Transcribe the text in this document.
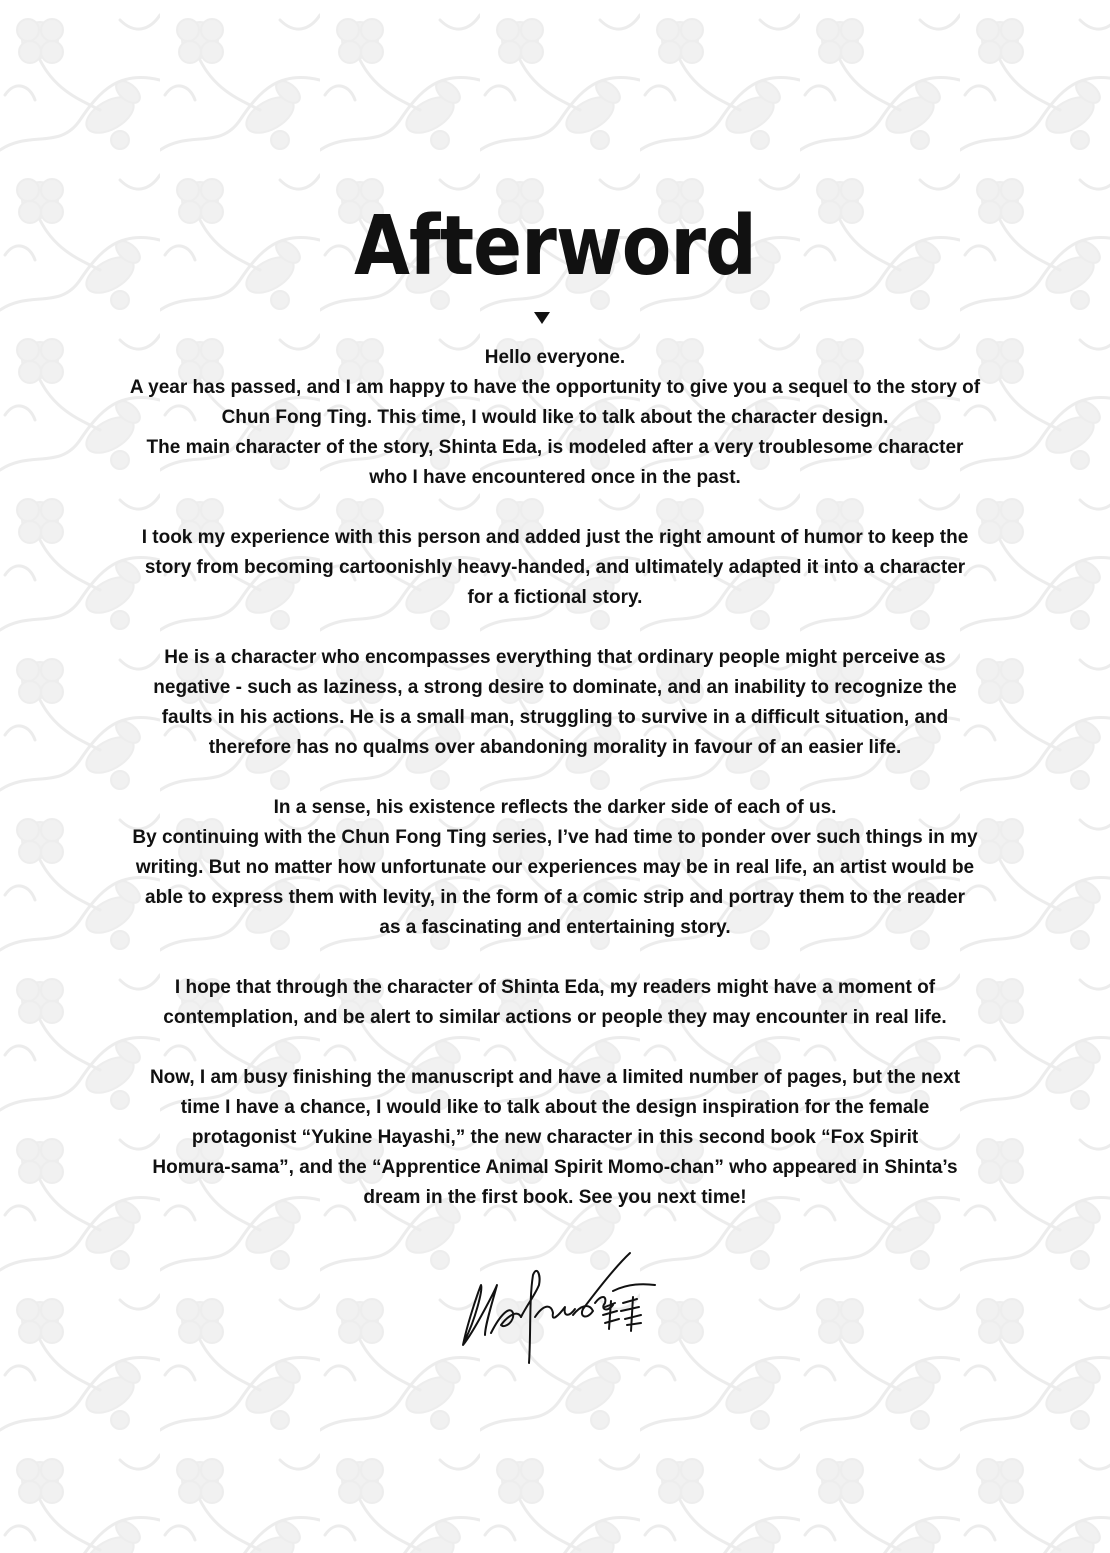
Afterword

Hello everyone.
A year has passed, and I am happy to have the opportunity to give you a sequel to the story of
Chun Fong Ting. This time, I would like to talk about the character design.
The main character of the story, Shinta Eda, is modeled after a very troublesome character
who I have encountered once in the past.

I took my experience with this person and added just the right amount of humor to keep the
story from becoming cartoonishly heavy-handed, and ultimately adapted it into a character
for a fictional story.

He is a character who encompasses everything that ordinary people might perceive as
negative - such as laziness, a strong desire to dominate, and an inability to recognize the
faults in his actions. He is a small man, struggling to survive in a difficult situation, and
therefore has no qualms over abandoning morality in favour of an easier life.

In a sense, his existence reflects the darker side of each of us.
By continuing with the Chun Fong Ting series, I’ve had time to ponder over such things in my
writing. But no matter how unfortunate our experiences may be in real life, an artist would be
able to express them with levity, in the form of a comic strip and portray them to the reader
as a fascinating and entertaining story.

I hope that through the character of Shinta Eda, my readers might have a moment of
contemplation, and be alert to similar actions or people they may encounter in real life.

Now, I am busy finishing the manuscript and have a limited number of pages, but the next
time I have a chance, I would like to talk about the design inspiration for the female
protagonist “Yukine Hayashi,” the new character in this second book “Fox Spirit
Homura-sama”, and the “Apprentice Animal Spirit Momo-chan” who appeared in Shinta’s
dream in the first book. See you next time!
